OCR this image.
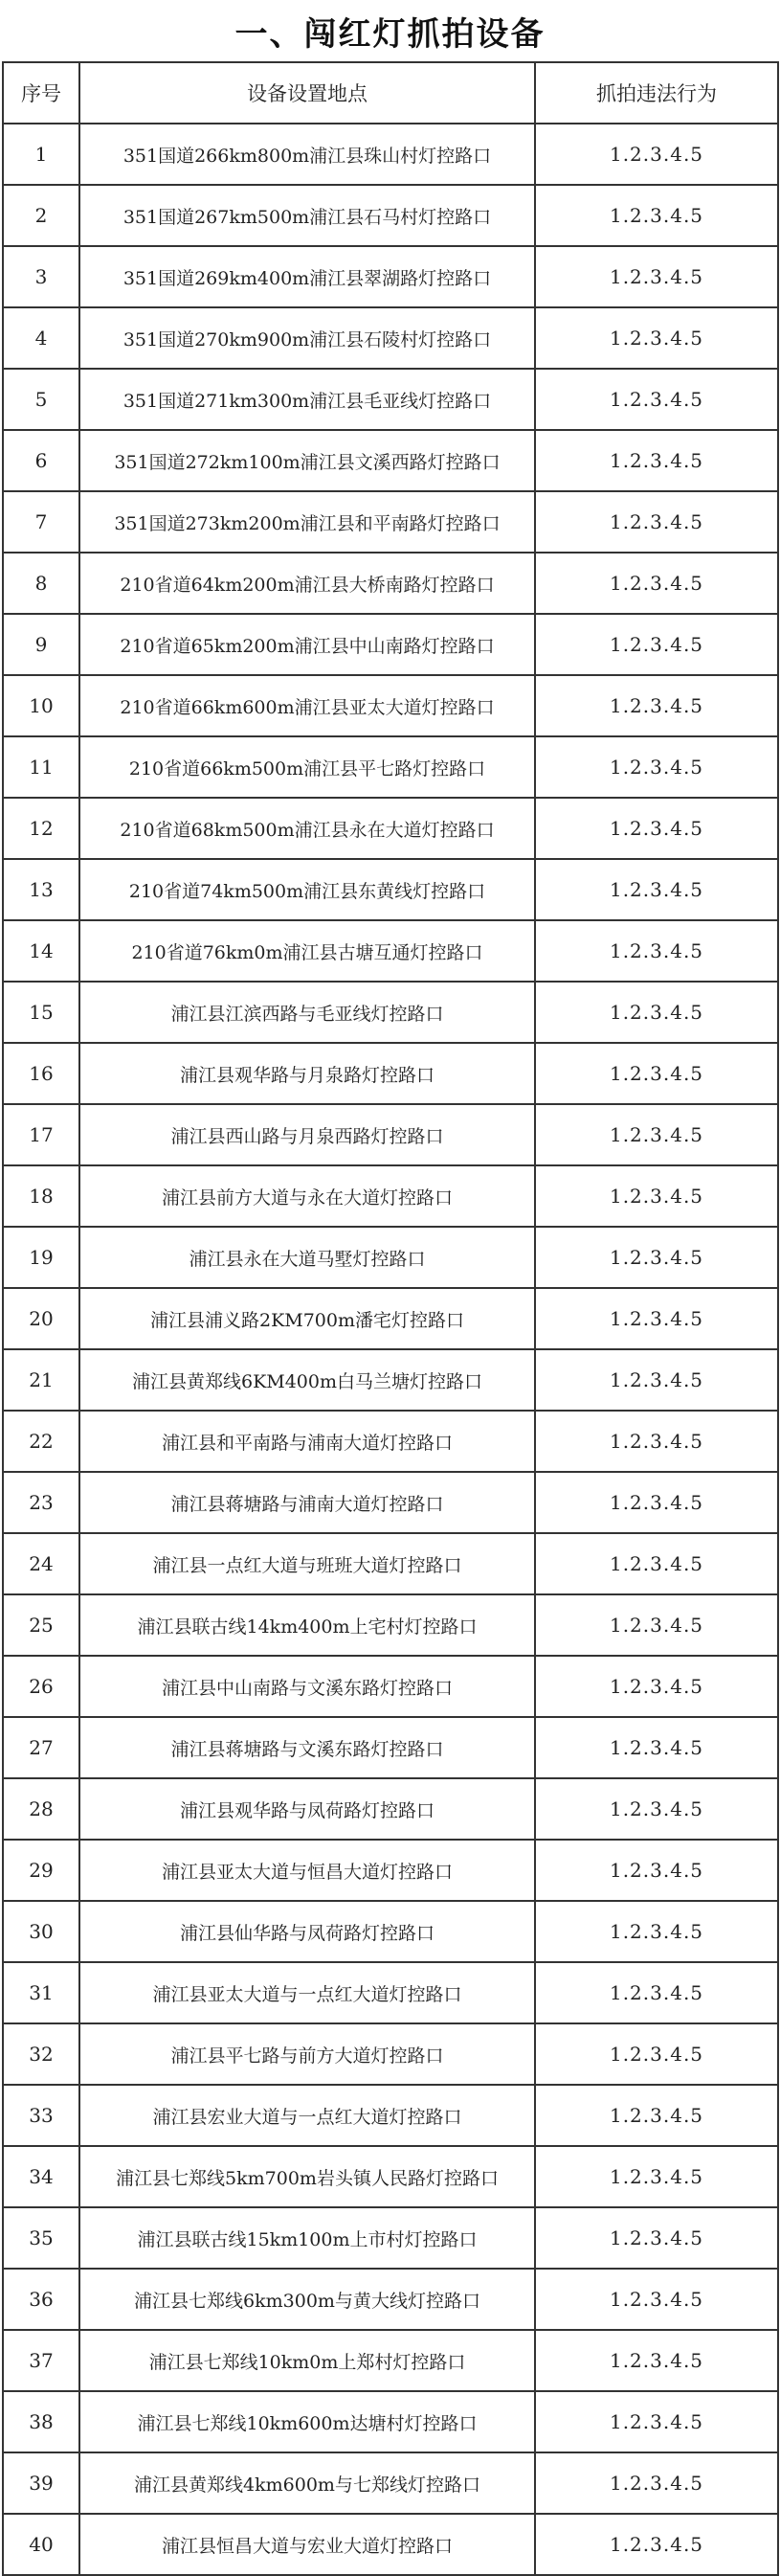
一、闯红灯抓拍设备
序号	设备设置地点	抓拍违法行为
1	351国道266km800m浦江县珠山村灯控路口	1.2.3.4.5
2	351国道267km500m浦江县石马村灯控路口	1.2.3.4.5
3	351国道269km400m浦江县翠湖路灯控路口	1.2.3.4.5
4	351国道270km900m浦江县石陵村灯控路口	1.2.3.4.5
5	351国道271km300m浦江县毛亚线灯控路口	1.2.3.4.5
6	351国道272km100m浦江县文溪西路灯控路口	1.2.3.4.5
7	351国道273km200m浦江县和平南路灯控路口	1.2.3.4.5
8	210省道64km200m浦江县大桥南路灯控路口	1.2.3.4.5
9	210省道65km200m浦江县中山南路灯控路口	1.2.3.4.5
10	210省道66km600m浦江县亚太大道灯控路口	1.2.3.4.5
11	210省道66km500m浦江县平七路灯控路口	1.2.3.4.5
12	210省道68km500m浦江县永在大道灯控路口	1.2.3.4.5
13	210省道74km500m浦江县东黄线灯控路口	1.2.3.4.5
14	210省道76km0m浦江县古塘互通灯控路口	1.2.3.4.5
15	浦江县江滨西路与毛亚线灯控路口	1.2.3.4.5
16	浦江县观华路与月泉路灯控路口	1.2.3.4.5
17	浦江县西山路与月泉西路灯控路口	1.2.3.4.5
18	浦江县前方大道与永在大道灯控路口	1.2.3.4.5
19	浦江县永在大道马墅灯控路口	1.2.3.4.5
20	浦江县浦义路2KM700m潘宅灯控路口	1.2.3.4.5
21	浦江县黄郑线6KM400m白马兰塘灯控路口	1.2.3.4.5
22	浦江县和平南路与浦南大道灯控路口	1.2.3.4.5
23	浦江县蒋塘路与浦南大道灯控路口	1.2.3.4.5
24	浦江县一点红大道与班班大道灯控路口	1.2.3.4.5
25	浦江县联古线14km400m上宅村灯控路口	1.2.3.4.5
26	浦江县中山南路与文溪东路灯控路口	1.2.3.4.5
27	浦江县蒋塘路与文溪东路灯控路口	1.2.3.4.5
28	浦江县观华路与凤荷路灯控路口	1.2.3.4.5
29	浦江县亚太大道与恒昌大道灯控路口	1.2.3.4.5
30	浦江县仙华路与凤荷路灯控路口	1.2.3.4.5
31	浦江县亚太大道与一点红大道灯控路口	1.2.3.4.5
32	浦江县平七路与前方大道灯控路口	1.2.3.4.5
33	浦江县宏业大道与一点红大道灯控路口	1.2.3.4.5
34	浦江县七郑线5km700m岩头镇人民路灯控路口	1.2.3.4.5
35	浦江县联古线15km100m上市村灯控路口	1.2.3.4.5
36	浦江县七郑线6km300m与黄大线灯控路口	1.2.3.4.5
37	浦江县七郑线10km0m上郑村灯控路口	1.2.3.4.5
38	浦江县七郑线10km600m达塘村灯控路口	1.2.3.4.5
39	浦江县黄郑线4km600m与七郑线灯控路口	1.2.3.4.5
40	浦江县恒昌大道与宏业大道灯控路口	1.2.3.4.5
